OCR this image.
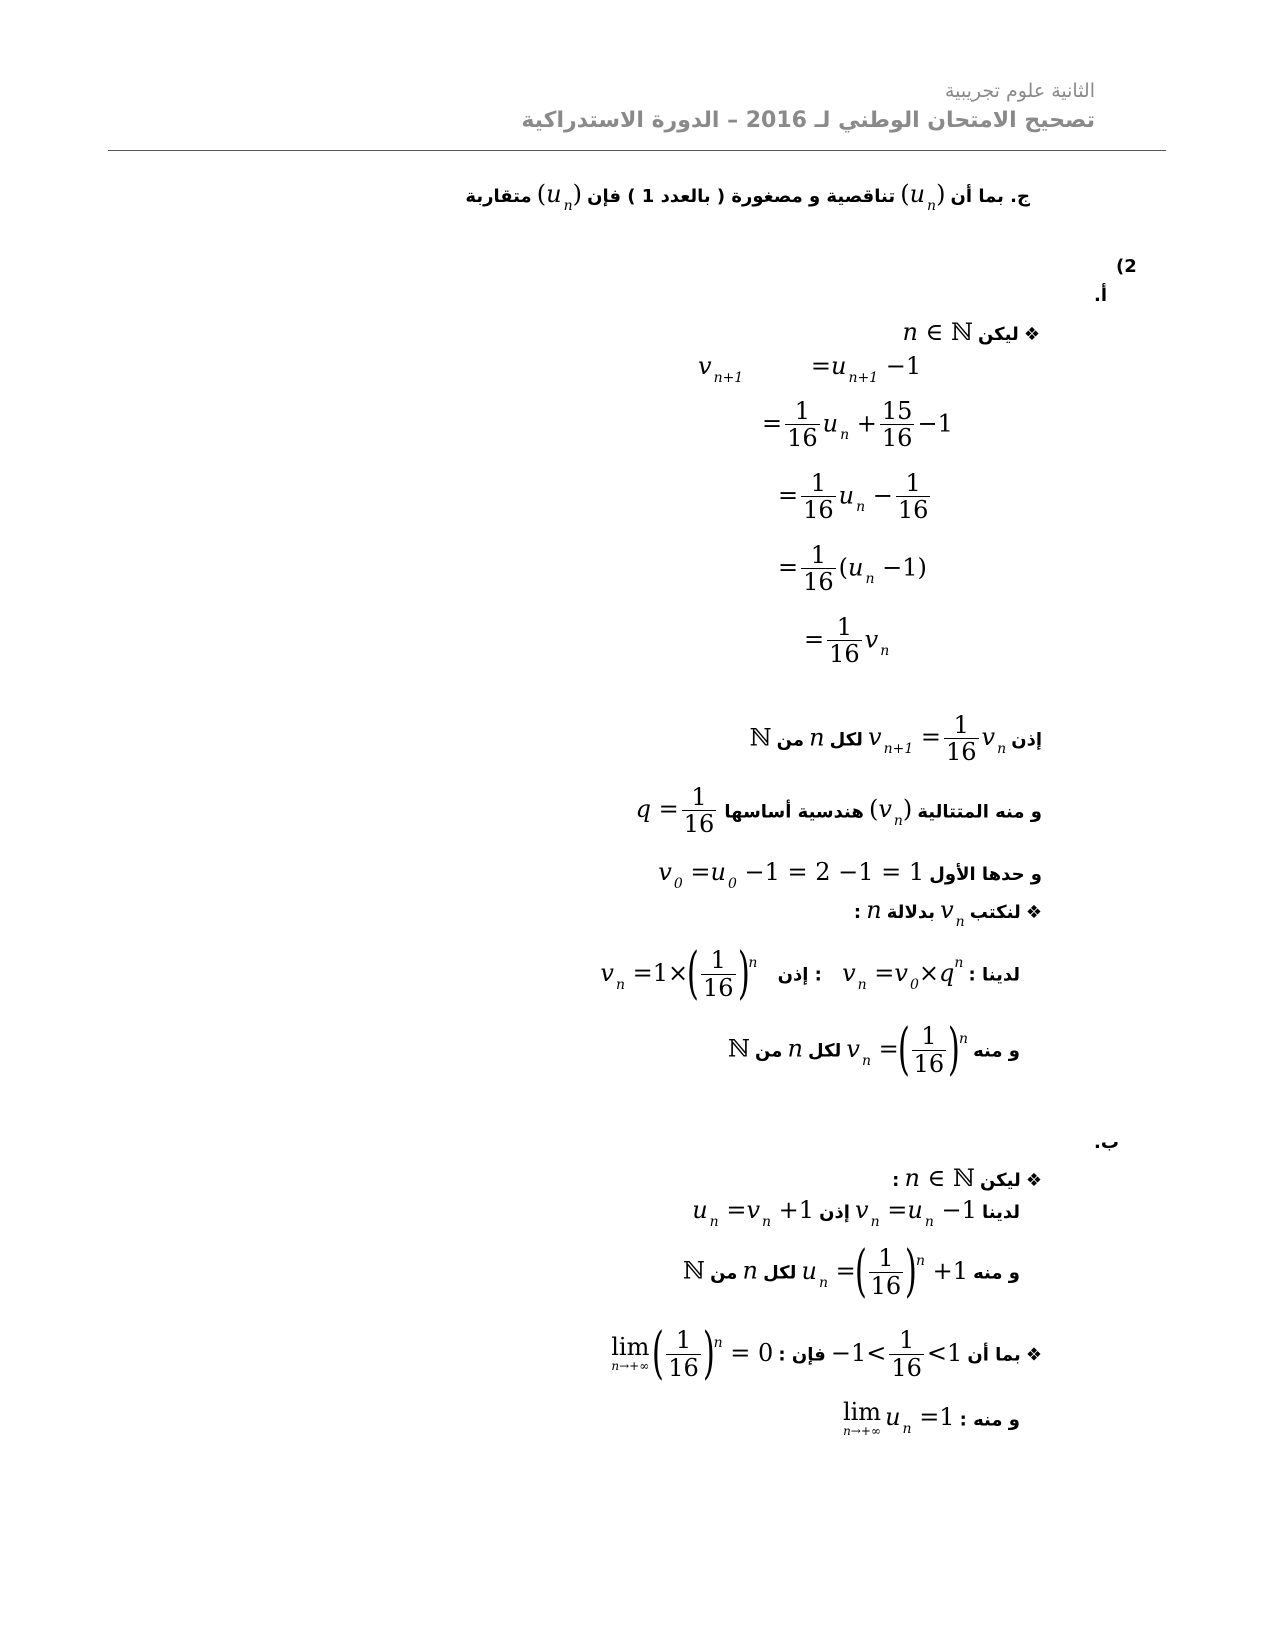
الثانية علوم تجريبية
تصحيح الامتحان الوطني لـ 2016 – الدورة الاستدراكية
ج. بما أن (u $_n$) تناقصية و مصغورة ( بالعدد 1 ) فإن (u $_n$) متقاربة
(2
أ.
❖ ليكن n ∈ ℕ
v $_{n+1}$	=u $_{n+1}$ −1
= $\frac{1}{16}$ u $_n + \frac{15}{16} -1$
= $\frac{1}{16}$ u $_n - \frac{1}{16}$
= $\frac{1}{16} (u$ $_n$ −1)
= $\frac{1}{16}$ v $_n$
إذن v $_{n+1} = \frac{1}{16}$ v $_n$ لكل n من ℕ
و منه المتتالية (v $_n$) هندسية أساسها $q = \frac{1}{16}$
و حدها الأول v $_0$ =u $_0$ −1 = 2 −1 = 1
❖ لنكتب v $_n$ بدلالة n :
لدينا : v $_n$ =v $_0\times q^n$  : إذن  v $_n =1\times( \frac{1}{16} )^n$
و منه v $_n$ =( $\frac{1}{16} )^n$ لكل n من ℕ
ب.
❖ ليكن n ∈ ℕ :
لدينا v $_n$ =u $_n$ −1 إذن u $_n$ =v $_n$ +1
و منه u $_n$ =( $\frac{1}{16} )^n +1$ لكل n من ℕ
❖ بما أن $-1< \frac{1}{16} <1$ فإن :
lim
n→+∞ ( $\frac{1}{16} )^n = 0$
و منه :
lim
n→+∞ u $_n$ =1
